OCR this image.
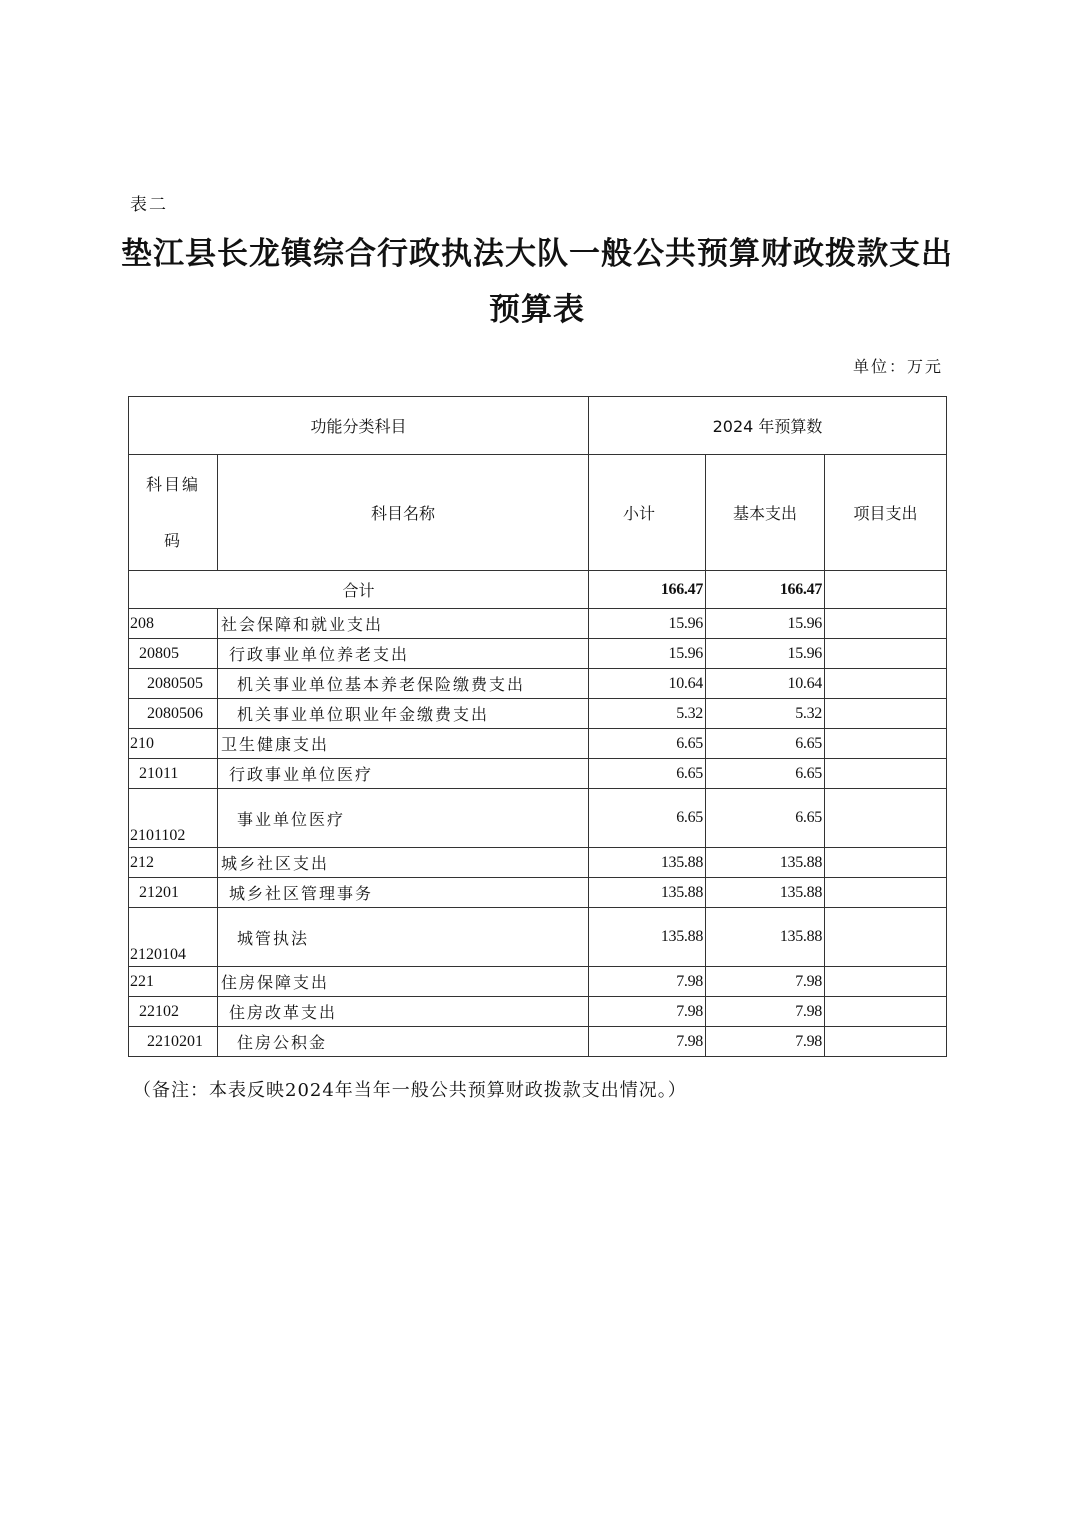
表二
垫江县长龙镇综合行政执法大队一般公共预算财政拨款支出
预算表
单位：万元
功能分类科目		2024 年预算数		

科目编码	科目名称	小计	基本支出	项目支出
合计		166.47	166.47	
208	社会保障和就业支出	15.96	15.96	
20805	行政事业单位养老支出	15.96	15.96	
2080505	机关事业单位基本养老保险缴费支出	10.64	10.64	
2080506	机关事业单位职业年金缴费支出	5.32	5.32	
210	卫生健康支出	6.65	6.65	
21011	行政事业单位医疗	6.65	6.65	
2101102	事业单位医疗	6.65	6.65	
212	城乡社区支出	135.88	135.88	
21201	城乡社区管理事务	135.88	135.88	
2120104	城管执法	135.88	135.88	
221	住房保障支出	7.98	7.98	
22102	住房改革支出	7.98	7.98	
2210201	住房公积金	7.98	7.98	
（备注：本表反映2024年当年一般公共预算财政拨款支出情况。）
